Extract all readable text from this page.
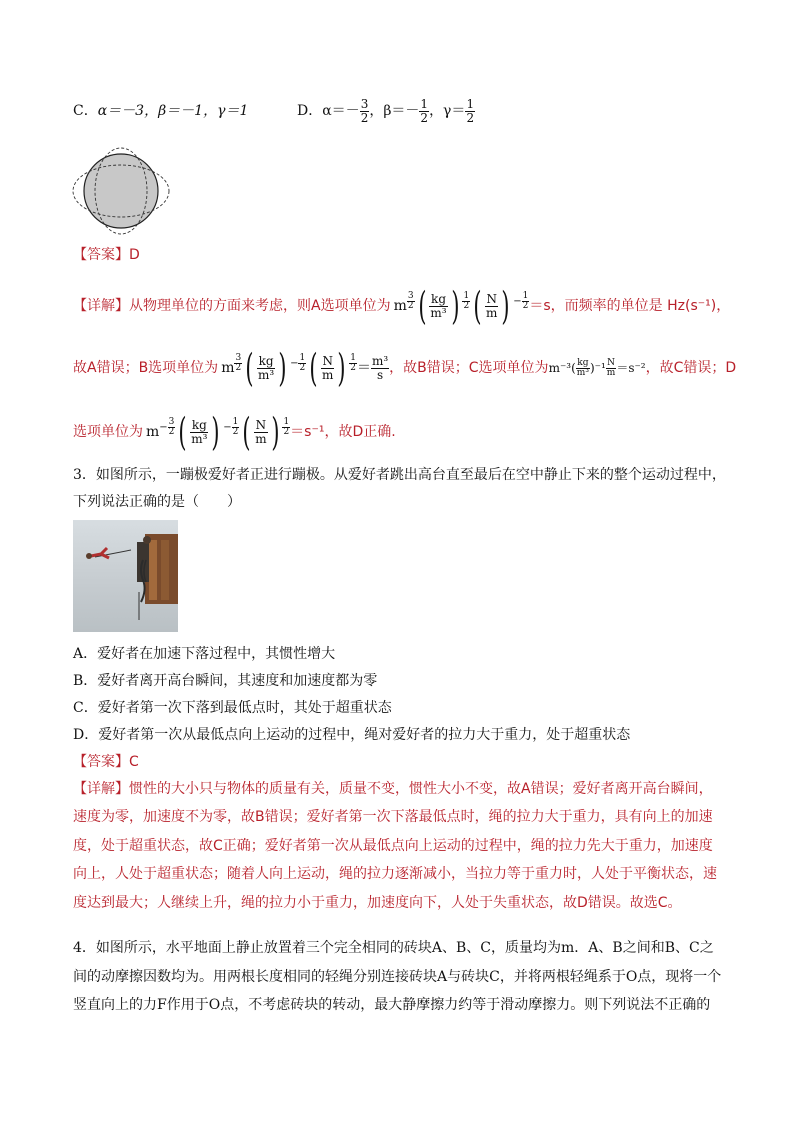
C．α＝－3，β＝－1，γ＝1	D．$\alpha=- \frac{3}{2}$ ，$\beta=- \frac{1}{2}$ ，$\gamma= \frac{1}{2}$
【答案】D
【详解】 从物理单位的方面来考虑，则A选项单位为 m $^{\frac{3}{2}}$ ( $\frac{kg}{\text{m³}}$ ) $^{\frac{1}{2}}$ ( $\frac{N}{m}$ ) $^{- \frac{1}{2}}$ ＝s，而频率的单位是 Hz(s⁻¹)，
故A错误；B选项单位为 m $^{\frac{3}{2}}$ ( $\frac{kg}{\text{m³}}$ ) $^{- \frac{1}{2}}$ ( $\frac{N}{m}$ ) $^{\frac{1}{2}} = \frac{\text{m³}}{s}$ ，故B错误；C选项单位为 $m^{-3}( \frac{kg}{\text{m³}} )^{-1} \frac{N}{m} =s^{-2}$ ，故C错误；D
选项单位为 $m^{- \frac{3}{2}}$ ( $\frac{kg}{\text{m³}}$ ) $^{- \frac{1}{2}}$ ( $\frac{N}{m}$ ) $^{\frac{1}{2}}$ ＝s⁻¹，故D正确.
3．如图所示，一蹦极爱好者正进行蹦极。从爱好者跳出高台直至最后在空中静止下来的整个运动过程中，下列说法正确的是（　　）
A．爱好者在加速下落过程中，其惯性增大
B．爱好者离开高台瞬间，其速度和加速度都为零
C．爱好者第一次下落到最低点时，其处于超重状态
D．爱好者第一次从最低点向上运动的过程中，绳对爱好者的拉力大于重力，处于超重状态
【答案】C
【详解】惯性的大小只与物体的质量有关，质量不变，惯性大小不变，故A错误；爱好者离开高台瞬间，速度为零，加速度不为零，故B错误；爱好者第一次下落最低点时，绳的拉力大于重力，具有向上的加速度，处于超重状态，故C正确；爱好者第一次从最低点向上运动的过程中，绳的拉力先大于重力，加速度向上，人处于超重状态；随着人向上运动，绳的拉力逐渐减小，当拉力等于重力时，人处于平衡状态，速度达到最大；人继续上升，绳的拉力小于重力，加速度向下，人处于失重状态，故D错误。故选C。
4．如图所示，水平地面上静止放置着三个完全相同的砖块A、B、C，质量均为m．A、B之间和B、C之间的动摩擦因数均为。用两根长度相同的轻绳分别连接砖块A与砖块C，并将两根轻绳系于O点，现将一个竖直向上的力F作用于O点，不考虑砖块的转动，最大静摩擦力约等于滑动摩擦力。则下列说法不正确的
